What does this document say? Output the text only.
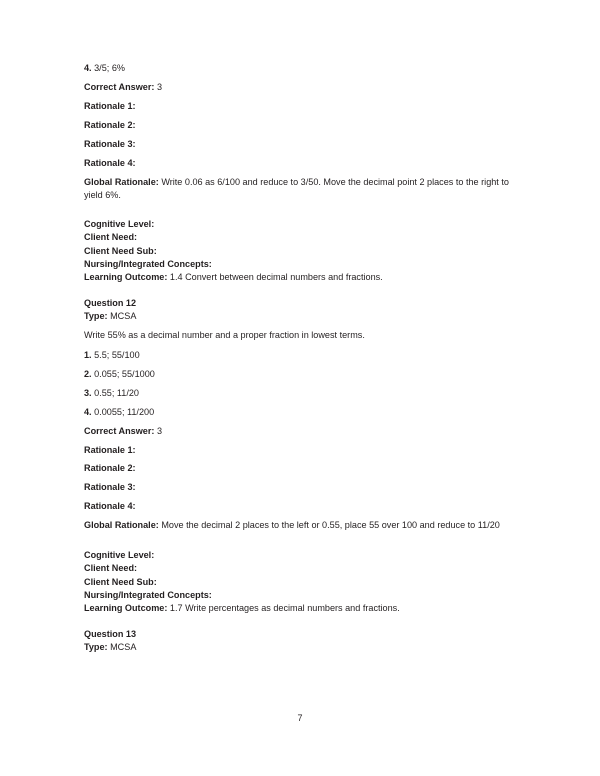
4. 3/5; 6%

Correct Answer: 3

Rationale 1:

Rationale 2:

Rationale 3:

Rationale 4:

Global Rationale: Write 0.06 as 6/100 and reduce to 3/50. Move the decimal point 2 places to the right to yield 6%.

Cognitive Level:

Client Need:

Client Need Sub:

Nursing/Integrated Concepts:

Learning Outcome: 1.4 Convert between decimal numbers and fractions.

Question 12

Type: MCSA

Write 55% as a decimal number and a proper fraction in lowest terms.

1. 5.5; 55/100

2. 0.055; 55/1000

3. 0.55; 11/20

4. 0.0055; 11/200

Correct Answer: 3

Rationale 1:

Rationale 2:

Rationale 3:

Rationale 4:

Global Rationale: Move the decimal 2 places to the left or 0.55, place 55 over 100 and reduce to 11/20

Cognitive Level:

Client Need:

Client Need Sub:

Nursing/Integrated Concepts:

Learning Outcome: 1.7 Write percentages as decimal numbers and fractions.

Question 13

Type: MCSA

7
